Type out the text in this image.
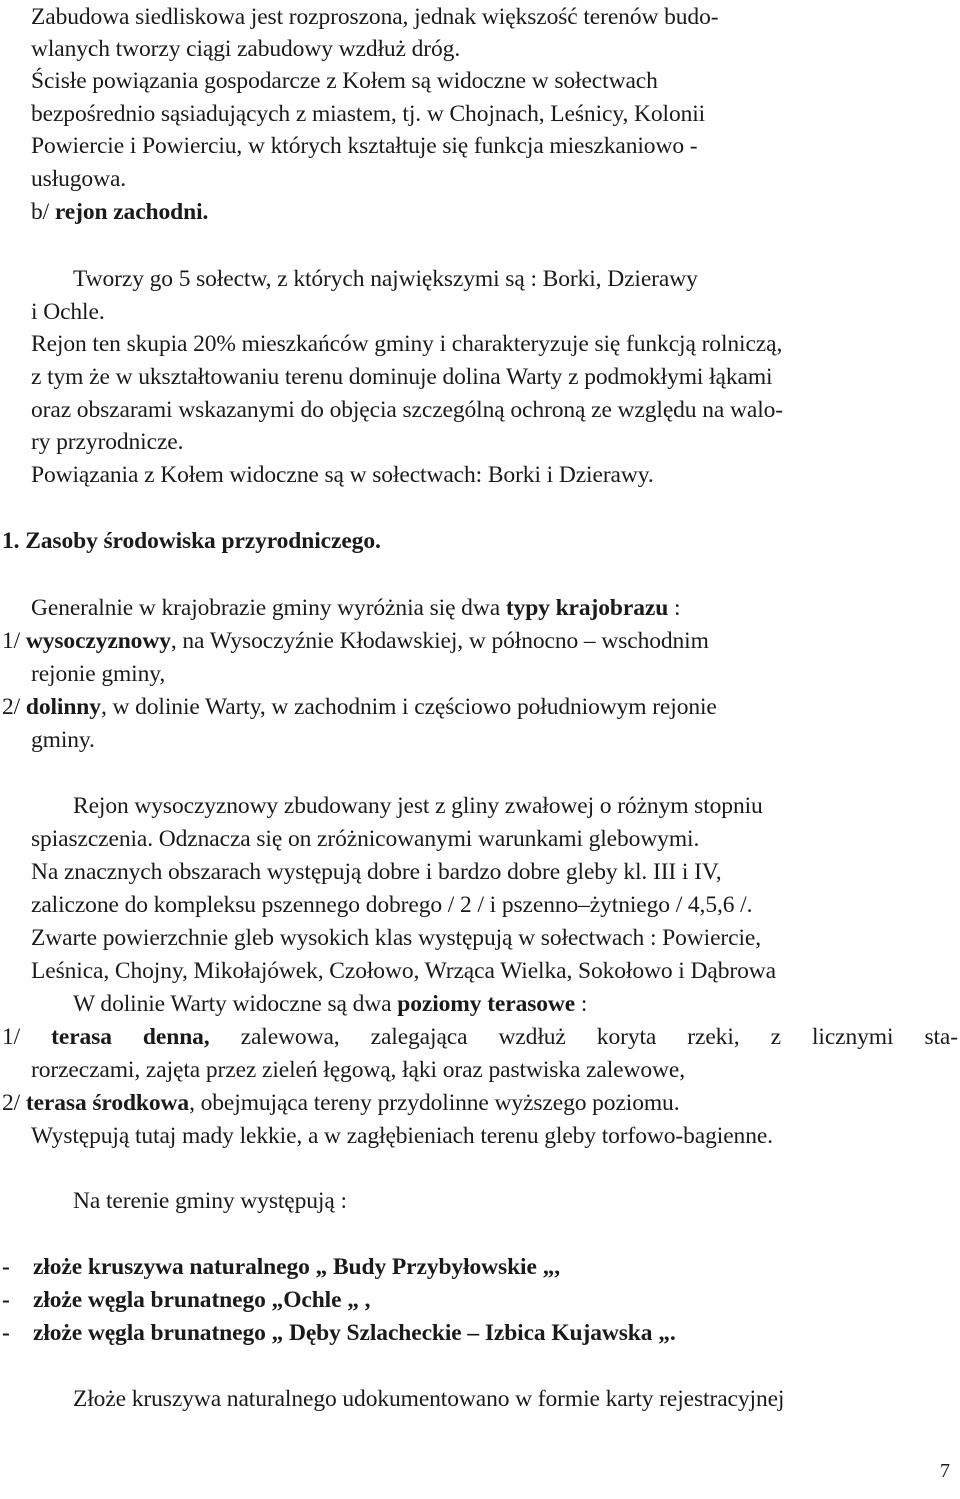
Zabudowa siedliskowa jest rozproszona, jednak większość terenów budo-
wlanych tworzy ciągi zabudowy wzdłuż dróg.
Ścisłe powiązania gospodarcze z Kołem są widoczne w sołectwach
bezpośrednio sąsiadujących z miastem, tj. w Chojnach, Leśnicy, Kolonii
Powiercie i Powierciu, w których kształtuje się funkcja mieszkaniowo -
usługowa.
b/ rejon zachodni.
Tworzy go 5 sołectw, z których największymi są : Borki, Dzierawy
i Ochle.
Rejon ten skupia 20% mieszkańców gminy i charakteryzuje się funkcją rolniczą,
z tym że w ukształtowaniu terenu dominuje dolina Warty z podmokłymi łąkami
oraz obszarami wskazanymi do objęcia szczególną ochroną ze względu na walo-
ry przyrodnicze.
Powiązania z Kołem widoczne są w sołectwach: Borki i Dzierawy.
1. Zasoby środowiska przyrodniczego.
Generalnie w krajobrazie gminy wyróżnia się dwa typy krajobrazu :
1/ wysoczyznowy, na Wysoczyźnie Kłodawskiej, w północno – wschodnim
rejonie gminy,
2/ dolinny, w dolinie Warty, w zachodnim i częściowo południowym rejonie
gminy.
Rejon wysoczyznowy zbudowany jest z gliny zwałowej o różnym stopniu
spiaszczenia. Odznacza się on zróżnicowanymi warunkami glebowymi.
Na znacznych obszarach występują dobre i bardzo dobre gleby kl. III i IV,
zaliczone do kompleksu pszennego dobrego / 2 / i pszenno–żytniego / 4,5,6 /.
Zwarte powierzchnie gleb wysokich klas występują w sołectwach : Powiercie,
Leśnica, Chojny, Mikołajówek, Czołowo, Wrząca Wielka, Sokołowo i Dąbrowa
W dolinie Warty widoczne są dwa poziomy terasowe :
1/ terasa denna, zalewowa, zalegająca wzdłuż koryta rzeki, z licznymi sta-
rorzeczami, zajęta przez zieleń łęgową, łąki oraz pastwiska zalewowe,
2/ terasa środkowa, obejmująca tereny przydolinne wyższego poziomu.
Występują tutaj mady lekkie, a w zagłębieniach terenu gleby torfowo-bagienne.
Na terenie gminy występują :
- złoże kruszywa naturalnego „ Budy Przybyłowskie „,
- złoże węgla brunatnego „Ochle „ ,
- złoże węgla brunatnego „ Dęby Szlacheckie – Izbica Kujawska „.
Złoże kruszywa naturalnego udokumentowano w formie karty rejestracyjnej
7
